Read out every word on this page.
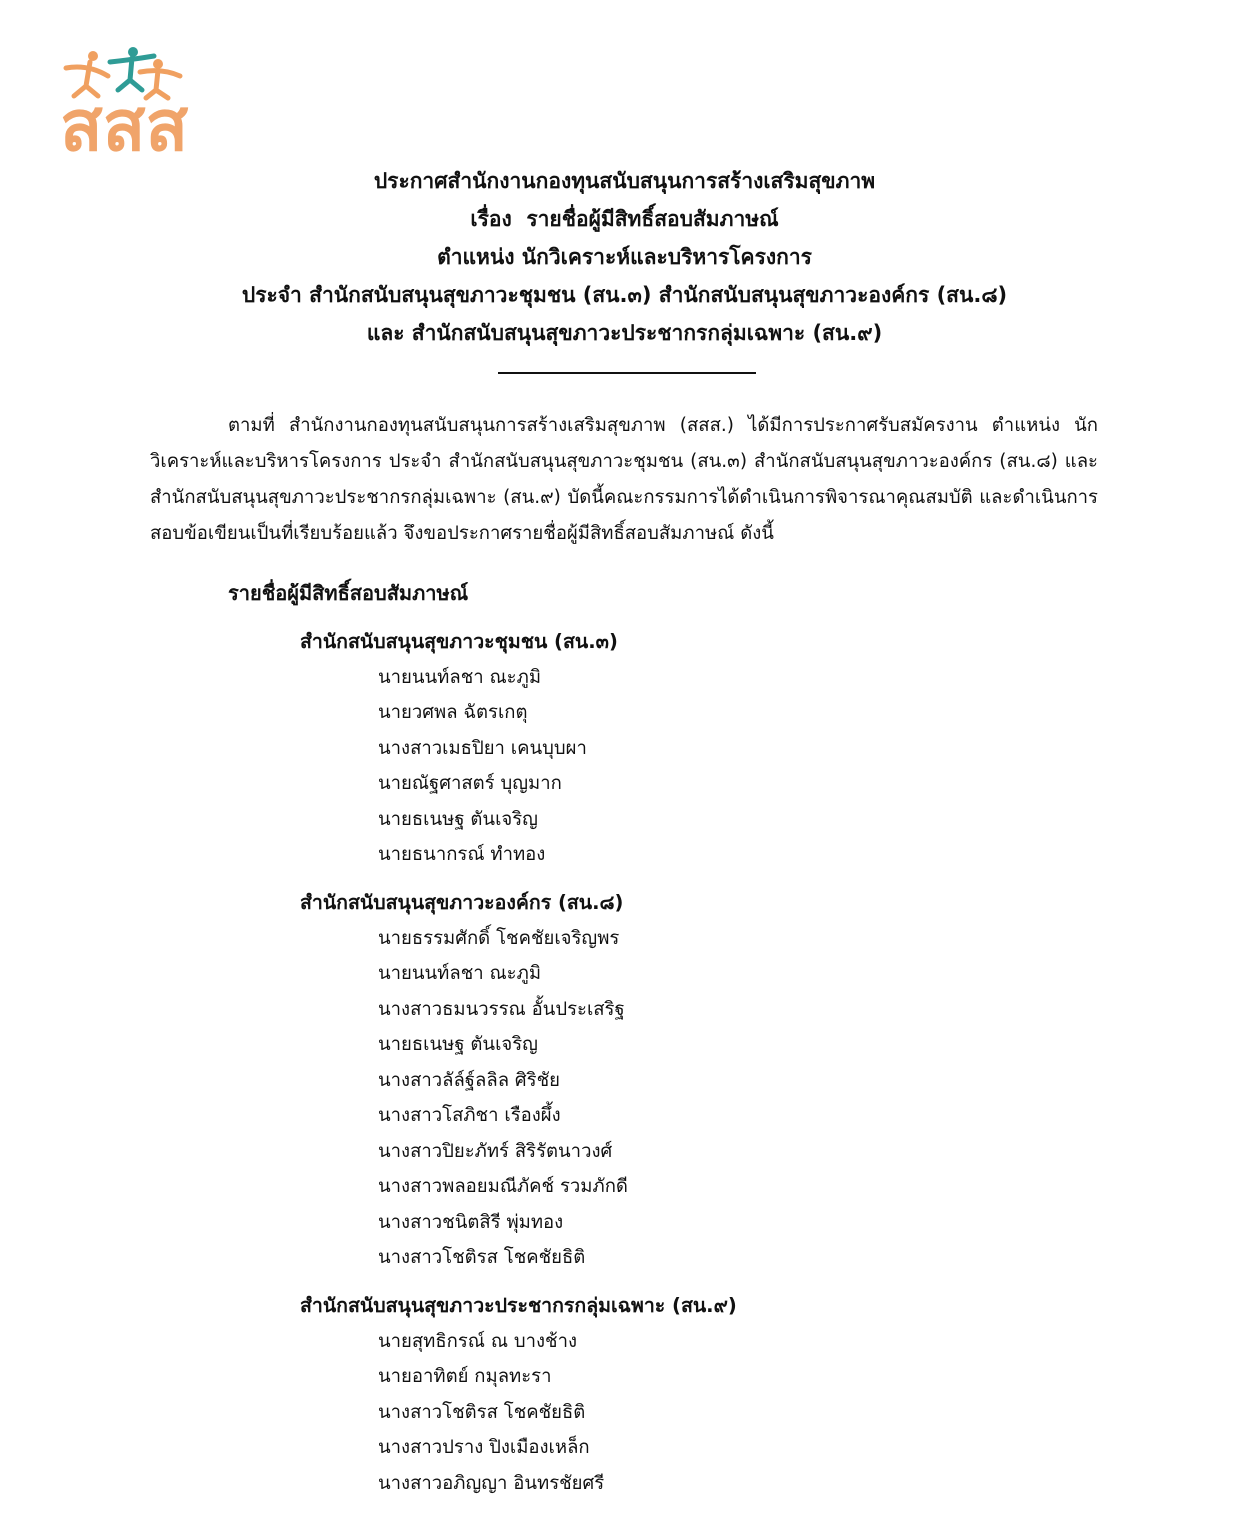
สสส
ประกาศสำนักงานกองทุนสนับสนุนการสร้างเสริมสุขภาพ
เรื่อง  รายชื่อผู้มีสิทธิ์สอบสัมภาษณ์
ตำแหน่ง นักวิเคราะห์และบริหารโครงการ
ประจำ สำนักสนับสนุนสุขภาวะชุมชน (สน.๓) สำนักสนับสนุนสุขภาวะองค์กร (สน.๘)
และ สำนักสนับสนุนสุขภาวะประชากรกลุ่มเฉพาะ (สน.๙)
ตามที่ สำนักงานกองทุนสนับสนุนการสร้างเสริมสุขภาพ (สสส.) ได้มีการประกาศรับสมัครงาน ตำแหน่ง นักวิเคราะห์และบริหารโครงการ ประจำ สำนักสนับสนุนสุขภาวะชุมชน (สน.๓) สำนักสนับสนุนสุขภาวะองค์กร (สน.๘) และสำนักสนับสนุนสุขภาวะประชากรกลุ่มเฉพาะ (สน.๙) บัดนี้คณะกรรมการได้ดำเนินการพิจารณาคุณสมบัติ และดำเนินการสอบข้อเขียนเป็นที่เรียบร้อยแล้ว จึงขอประกาศรายชื่อผู้มีสิทธิ์สอบสัมภาษณ์ ดังนี้
รายชื่อผู้มีสิทธิ์สอบสัมภาษณ์
สำนักสนับสนุนสุขภาวะชุมชน (สน.๓)
นายนนท์ลชา ณะภูมิ
นายวศพล ฉัตรเกตุ
นางสาวเมธปิยา เคนบุบผา
นายณัฐศาสตร์ บุญมาก
นายธเนษฐ ตันเจริญ
นายธนากรณ์ ทำทอง
สำนักสนับสนุนสุขภาวะองค์กร (สน.๘)
นายธรรมศักดิ์ โชคชัยเจริญพร
นายนนท์ลชา ณะภูมิ
นางสาวธมนวรรณ อั้นประเสริฐ
นายธเนษฐ ตันเจริญ
นางสาวลัล์ฐ์ลลิล ศิริชัย
นางสาวโสภิชา เรืองผึ้ง
นางสาวปิยะภัทร์ สิริรัตนาวงศ์
นางสาวพลอยมณีภัคช์ รวมภักดี
นางสาวชนิตสิรี พุ่มทอง
นางสาวโชติรส โชคชัยธิติ
สำนักสนับสนุนสุขภาวะประชากรกลุ่มเฉพาะ (สน.๙)
นายสุทธิกรณ์ ณ บางช้าง
นายอาทิตย์ กมุลทะรา
นางสาวโชติรส โชคชัยธิติ
นางสาวปราง ปิงเมืองเหล็ก
นางสาวอภิญญา อินทรชัยศรี
